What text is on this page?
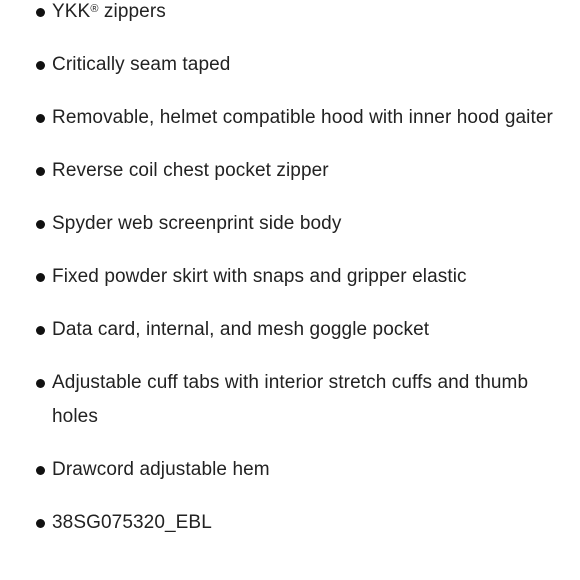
YKK® zippers
Critically seam taped
Removable, helmet compatible hood with inner hood gaiter
Reverse coil chest pocket zipper
Spyder web screenprint side body
Fixed powder skirt with snaps and gripper elastic
Data card, internal, and mesh goggle pocket
Adjustable cuff tabs with interior stretch cuffs and thumb holes
Drawcord adjustable hem
38SG075320_EBL
